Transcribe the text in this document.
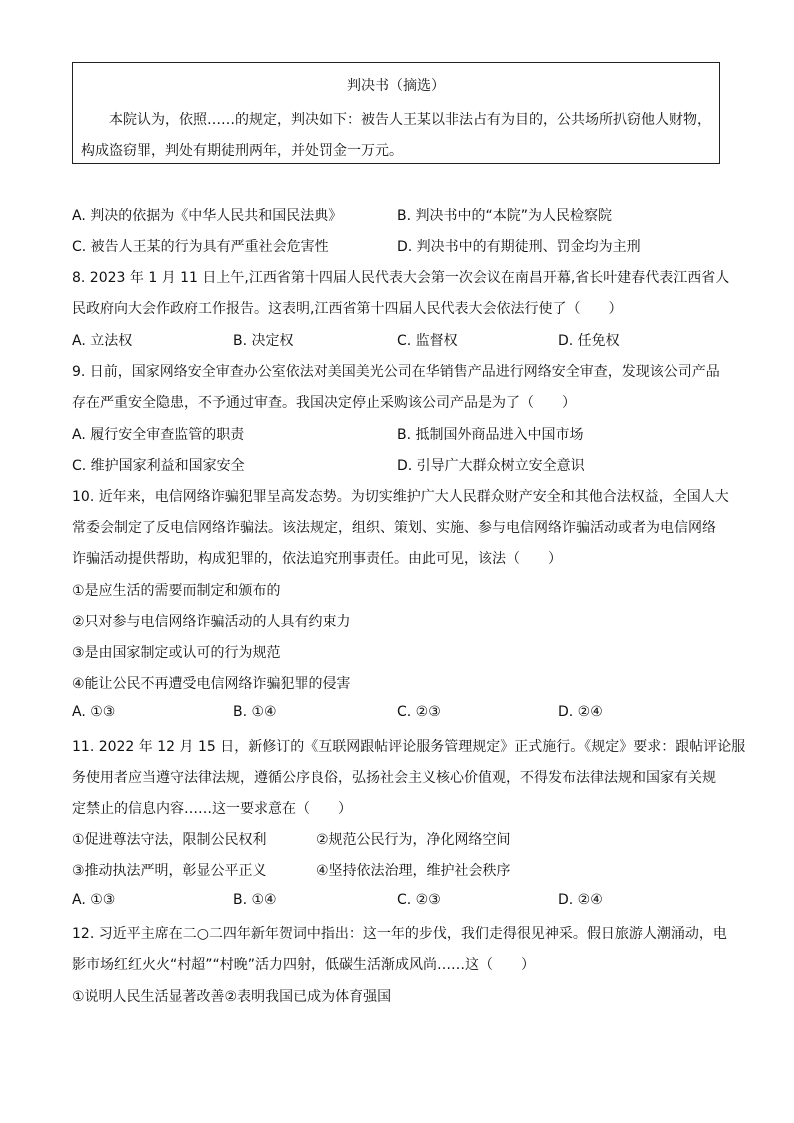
判决书（摘选）
本院认为，依照……的规定，判决如下：被告人王某以非法占有为目的，公共场所扒窃他人财物，
构成盗窃罪，判处有期徒刑两年，并处罚金一万元。
A. 判决的依据为《中华人民共和国民法典》	B. 判决书中的“本院”为人民检察院
C. 被告人王某的行为具有严重社会危害性	D. 判决书中的有期徒刑、罚金均为主刑
8. 2023 年 1 月 11 日上午,江西省第十四届人民代表大会第一次会议在南昌开幕,省长叶建春代表江西省人
民政府向大会作政府工作报告。这表明,江西省第十四届人民代表大会依法行使了（　　）
A. 立法权	B. 决定权	C. 监督权	D. 任免权
9. 日前，国家网络安全审查办公室依法对美国美光公司在华销售产品进行网络安全审查，发现该公司产品
存在严重安全隐患，不予通过审查。我国决定停止采购该公司产品是为了（　　）
A. 履行安全审查监管的职责	B. 抵制国外商品进入中国市场
C. 维护国家利益和国家安全	D. 引导广大群众树立安全意识
10. 近年来，电信网络诈骗犯罪呈高发态势。为切实维护广大人民群众财产安全和其他合法权益，全国人大
常委会制定了反电信网络诈骗法。该法规定，组织、策划、实施、参与电信网络诈骗活动或者为电信网络
诈骗活动提供帮助，构成犯罪的，依法追究刑事责任。由此可见，该法（　　）
①是应生活的需要而制定和颁布的
②只对参与电信网络诈骗活动的人具有约束力
③是由国家制定或认可的行为规范
④能让公民不再遭受电信网络诈骗犯罪的侵害
A. ①③	B. ①④	C. ②③	D. ②④
11. 2022 年 12 月 15 日，新修订的《互联网跟帖评论服务管理规定》正式施行。《规定》要求：跟帖评论服
务使用者应当遵守法律法规，遵循公序良俗，弘扬社会主义核心价值观，不得发布法律法规和国家有关规
定禁止的信息内容……这一要求意在（　　）
①促进尊法守法，限制公民权利	②规范公民行为，净化网络空间
③推动执法严明，彰显公平正义	④坚持依法治理，维护社会秩序
A. ①③	B. ①④	C. ②③	D. ②④
12. 习近平主席在二○二四年新年贺词中指出：这一年的步伐，我们走得很见神采。假日旅游人潮涌动，电
影市场红红火火“村超”“村晚”活力四射，低碳生活渐成风尚……这（　　）
①说明人民生活显著改善②表明我国已成为体育强国
